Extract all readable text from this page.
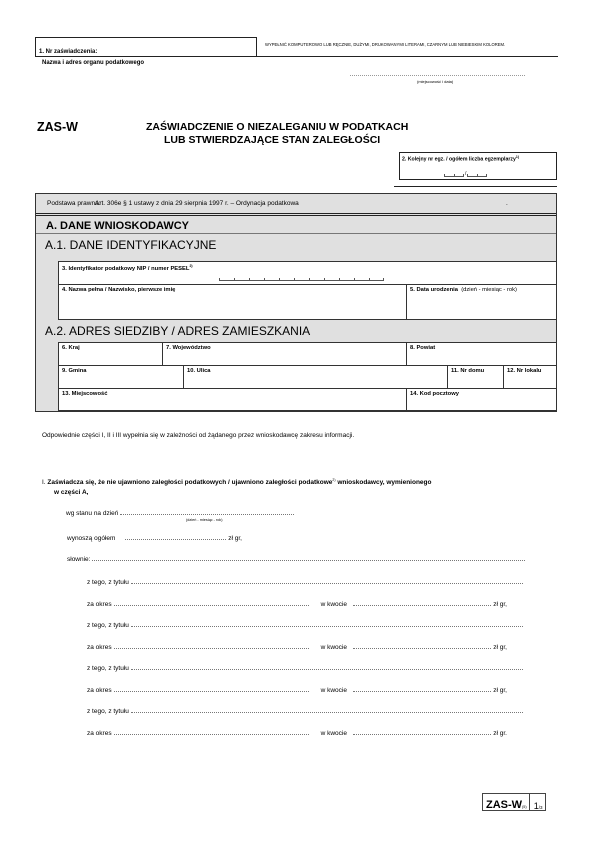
1. Nr zaświadczenia:
WYPEŁNIĆ KOMPUTEROWO LUB RĘCZNIE, DUŻYMI, DRUKOWANYMI LITERAMI, CZARNYM LUB NIEBIESKIM KOLOREM.
Nazwa i adres organu podatkowego
(miejscowość i data)
ZAS-W	ZAŚWIADCZENIE O NIEZALEGANIU W PODATKACH
LUB STWIERDZAJĄCE STAN ZALEGŁOŚCI
2. Kolejny nr egz. / ogółem liczba egzemplarzy$^{1)}$
/
Podstawa prawna:
Art. 306e § 1 ustawy z dnia 29 sierpnia 1997 r. – Ordynacja podatkowa	.
A. DANE WNIOSKODAWCY
A.1. DANE IDENTYFIKACYJNE
3. Identyfikator podatkowy NIP / numer PESEL$^{2)}$
4. Nazwa pełna / Nazwisko, pierwsze imię	5. Data urodzenia (dzień - miesiąc - rok)
A.2. ADRES SIEDZIBY / ADRES ZAMIESZKANIA
6. Kraj	7. Województwo	8. Powiat
9. Gmina	10. Ulica	11. Nr domu	12. Nr lokalu
13. Miejscowość	14. Kod pocztowy
Odpowiednie części I, II i III wypełnia się w zależności od żądanego przez wnioskodawcę zakresu informacji.
I. Zaświadcza się, że nie ujawniono zaległości podatkowych / ujawniono zaległości podatkowe$^{2)}$ wnioskodawcy, wymienionego
w części A,
wg stanu na dzień
(dzień - miesiąc - rok)
wynoszą ogółem	zł gr,
słownie:
z tego, z tytułu
za okres	w kwocie	zł gr,
z tego, z tytułu
za okres	w kwocie	zł gr,
z tego, z tytułu
za okres	w kwocie	zł gr,
z tego, z tytułu
za okres	w kwocie	zł gr.
ZAS-W(5) 1/3
